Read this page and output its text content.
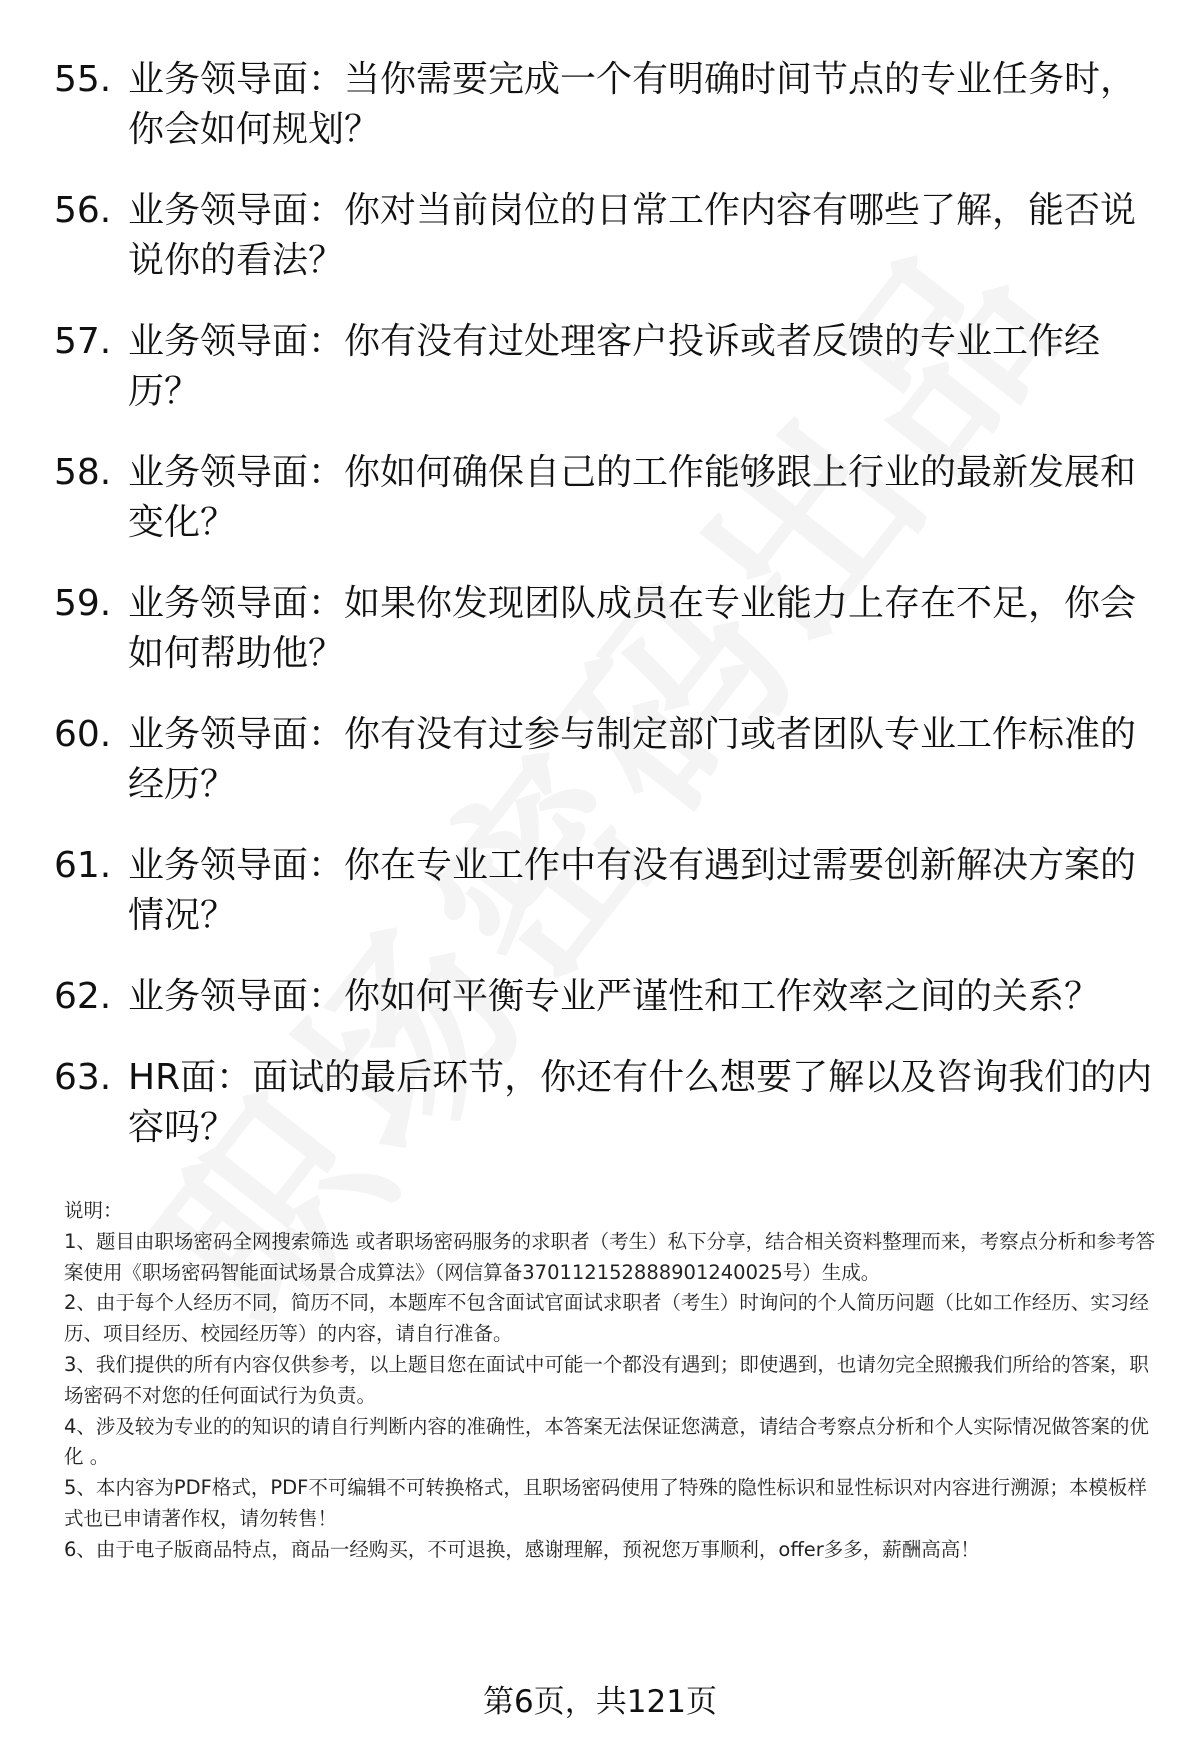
55. 业务领导面：当你需要完成一个有明确时间节点的专业任务时，你会如何规划？
56. 业务领导面：你对当前岗位的日常工作内容有哪些了解，能否说说你的看法？
57. 业务领导面：你有没有过处理客户投诉或者反馈的专业工作经历？
58. 业务领导面：你如何确保自己的工作能够跟上行业的最新发展和变化？
59. 业务领导面：如果你发现团队成员在专业能力上存在不足，你会如何帮助他？
60. 业务领导面：你有没有过参与制定部门或者团队专业工作标准的经历？
61. 业务领导面：你在专业工作中有没有遇到过需要创新解决方案的情况？
62. 业务领导面：你如何平衡专业严谨性和工作效率之间的关系？
63. HR面：面试的最后环节，你还有什么想要了解以及咨询我们的内容吗？

说明：

1、题目由职场密码全网搜索筛选 或者职场密码服务的求职者（考生）私下分享，结合相关资料整理而来，考察点分析和参考答案使用《职场密码智能面试场景合成算法》（网信算备370112152888901240025号）生成。

2、由于每个人经历不同，简历不同，本题库不包含面试官面试求职者（考生）时询问的个人简历问题（比如工作经历、实习经历、项目经历、校园经历等）的内容，请自行准备。

3、我们提供的所有内容仅供参考，以上题目您在面试中可能一个都没有遇到；即使遇到，也请勿完全照搬我们所给的答案，职场密码不对您的任何面试行为负责。

4、涉及较为专业的的知识的请自行判断内容的准确性，本答案无法保证您满意，请结合考察点分析和个人实际情况做答案的优化 。

5、本内容为PDF格式，PDF不可编辑不可转换格式，且职场密码使用了特殊的隐性标识和显性标识对内容进行溯源；本模板样式也已申请著作权，请勿转售！

6、由于电子版商品特点，商品一经购买，不可退换，感谢理解，预祝您万事顺利，offer多多，薪酬高高！

第6页，共121页
